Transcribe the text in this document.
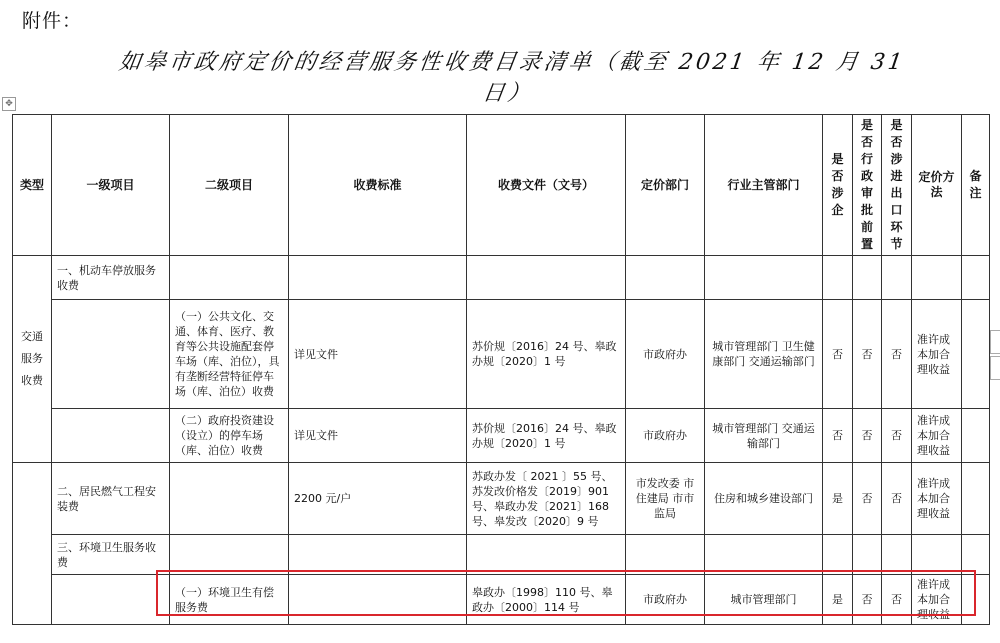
附件：
如皋市政府定价的经营服务性收费目录清单（截至 2021 年 12 月 31 日）
✥
类型	一级项目	二级项目	收费标准	收费文件（文号）	定价部门	行业主管部门	是否涉企	是否行政审批前置	是否涉进出口环节	定价方法	备注
交通服务收费	一、机动车停放服务收费										
		（一）公共文化、交通、体育、医疗、教育等公共设施配套停车场（库、泊位），具有垄断经营特征停车场（库、泊位）收费	详见文件	苏价规〔2016〕24 号、皋政办规〔2020〕1 号	市政府办	城市管理部门 卫生健康部门 交通运输部门	否	否	否	准许成本加合理收益	
		（二）政府投资建设（设立）的停车场（库、泊位）收费	详见文件	苏价规〔2016〕24 号、皋政办规〔2020〕1 号	市政府办	城市管理部门 交通运输部门	否	否	否	准许成本加合理收益	
	二、居民燃气工程安装费		2200 元/户	苏政办发〔 2021 〕55 号、苏发改价格发〔2019〕901 号、皋政办发〔2021〕168 号、皋发改〔2020〕9 号	市发改委 市住建局 市市监局	住房和城乡建设部门	是	否	否	准许成本加合理收益	
	三、环境卫生服务收费										
		（一）环境卫生有偿服务费		皋政办〔1998〕110 号、皋政办〔2000〕114 号	市政府办	城市管理部门	是	否	否	准许成本加合理收益	
